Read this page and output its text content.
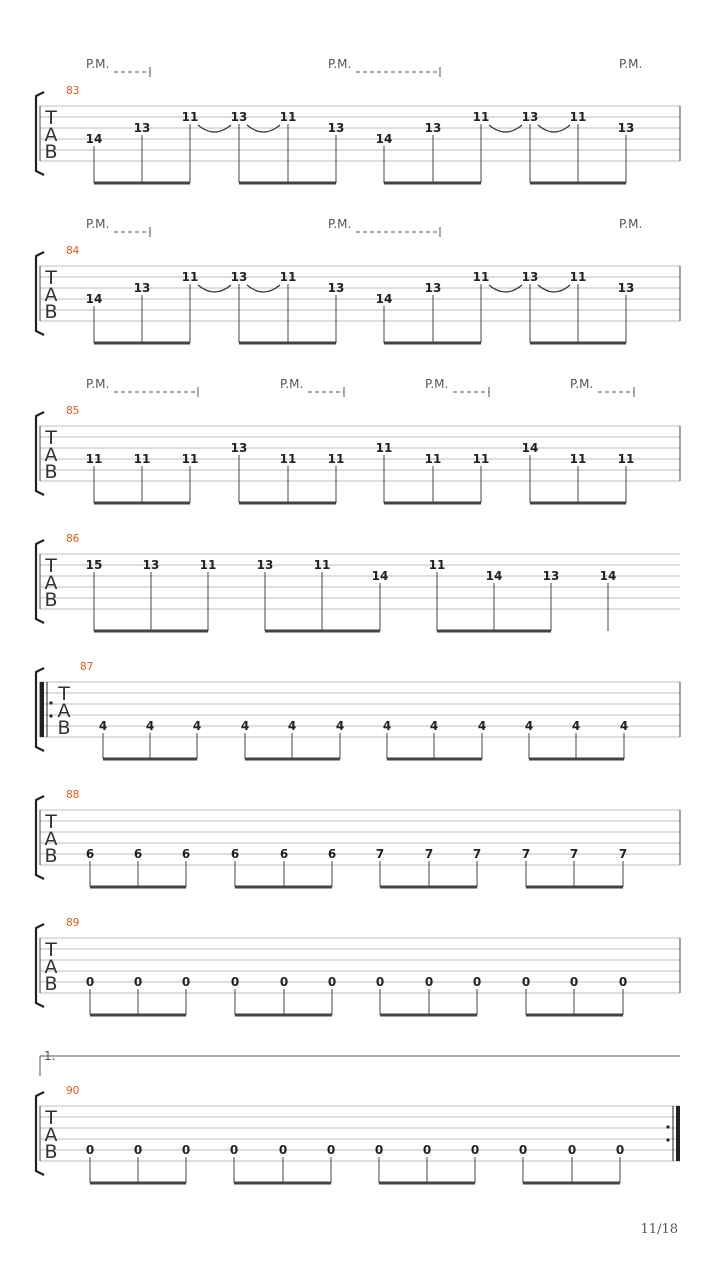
83
T
A
B
P.M.	P.M.	P.M.
14
13
11	13	11
13
14
13
11	13	11
13
84
T
A
B
P.M.	P.M.	P.M.
14
13
11	13	11
13
14
13
11	13	11
13
85
T
A
B
P.M.	P.M.	P.M.	P.M.
11	11	11
13
11	11
11
11	11
14
11	11
86
T
A
B
15	13	11	13	11
14
11
14	13	14
87
T
A
B 4	4	4	4	4	4	4	4	4	4	4	4
88
T
A
B 6	6	6	6	6	6	7	7	7	7	7	7
89
T
A
B 0	0	0	0	0	0	0	0	0	0	0	0
90
1.
T
A
B 0	0	0	0	0	0	0	0	0	0	0	0
11/18
